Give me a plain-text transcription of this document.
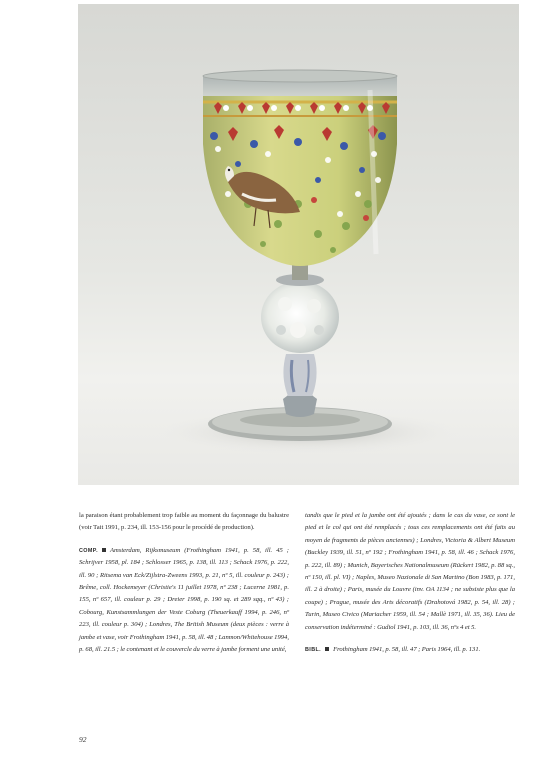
la paraison étant probablement trop faible au moment du façonnage du balustre (voir Tait 1991, p. 234, ill. 153-156 pour le procédé de production).

COMP. Amsterdam, Rijksmuseum (Frothingham 1941, p. 58, ill. 45 ; Schrijver 1958, pl. 184 ; Schlosser 1965, p. 138, ill. 113 ; Schack 1976, p. 222, ill. 90 ; Ritsema van Eck/Zijlstra-Zweens 1993, p. 21, nº 5, ill. couleur p. 243) ; Brême, coll. Hockemeyer (Christie's 11 juillet 1978, nº 238 ; Lucerne 1981, p. 155, nº 657, ill. couleur p. 29 ; Dreier 1998, p. 190 sq. et 289 sqq., nº 43) ; Cobourg, Kunstsammlungen der Veste Coburg (Theuerkauff 1994, p. 246, nº 223, ill. couleur p. 304) ; Londres, The British Museum (deux pièces : verre à jambe et vase, voir Frothingham 1941, p. 58, ill. 48 ; Lanmon/Whitehouse 1994, p. 68, ill. 21.5 ; le contenant et le couvercle du verre à jambe forment une unité,

tandis que le pied et la jambe ont été ajoutés ; dans le cas du vase, ce sont le pied et le col qui ont été remplacés ; tous ces remplacements ont été faits au moyen de fragments de pièces anciennes) ; Londres, Victoria & Albert Museum (Buckley 1939, ill. 51, nº 192 ; Frothingham 1941, p. 58, ill. 46 ; Schack 1976, p. 222, ill. 89) ; Munich, Bayerisches Nationalmuseum (Rückert 1982, p. 88 sq., nº 150, ill. pl. VI) ; Naples, Museo Nazionale di San Martino (Bon 1983, p. 171, ill. 2 à droite) ; Paris, musée du Louvre (inv. OA 1134 ; ne subsiste plus que la coupe) ; Prague, musée des Arts décoratifs (Drahotová 1982, p. 54, ill. 28) ; Turin, Museo Civico (Mariacher 1959, ill. 54 ; Mallè 1971, ill. 35, 36). Lieu de conservation indéterminé : Gudiol 1941, p. 103, ill. 36, nºs 4 et 5.

BIBL. Frothingham 1941, p. 58, ill. 47 ; Paris 1964, ill. p. 131.

92
